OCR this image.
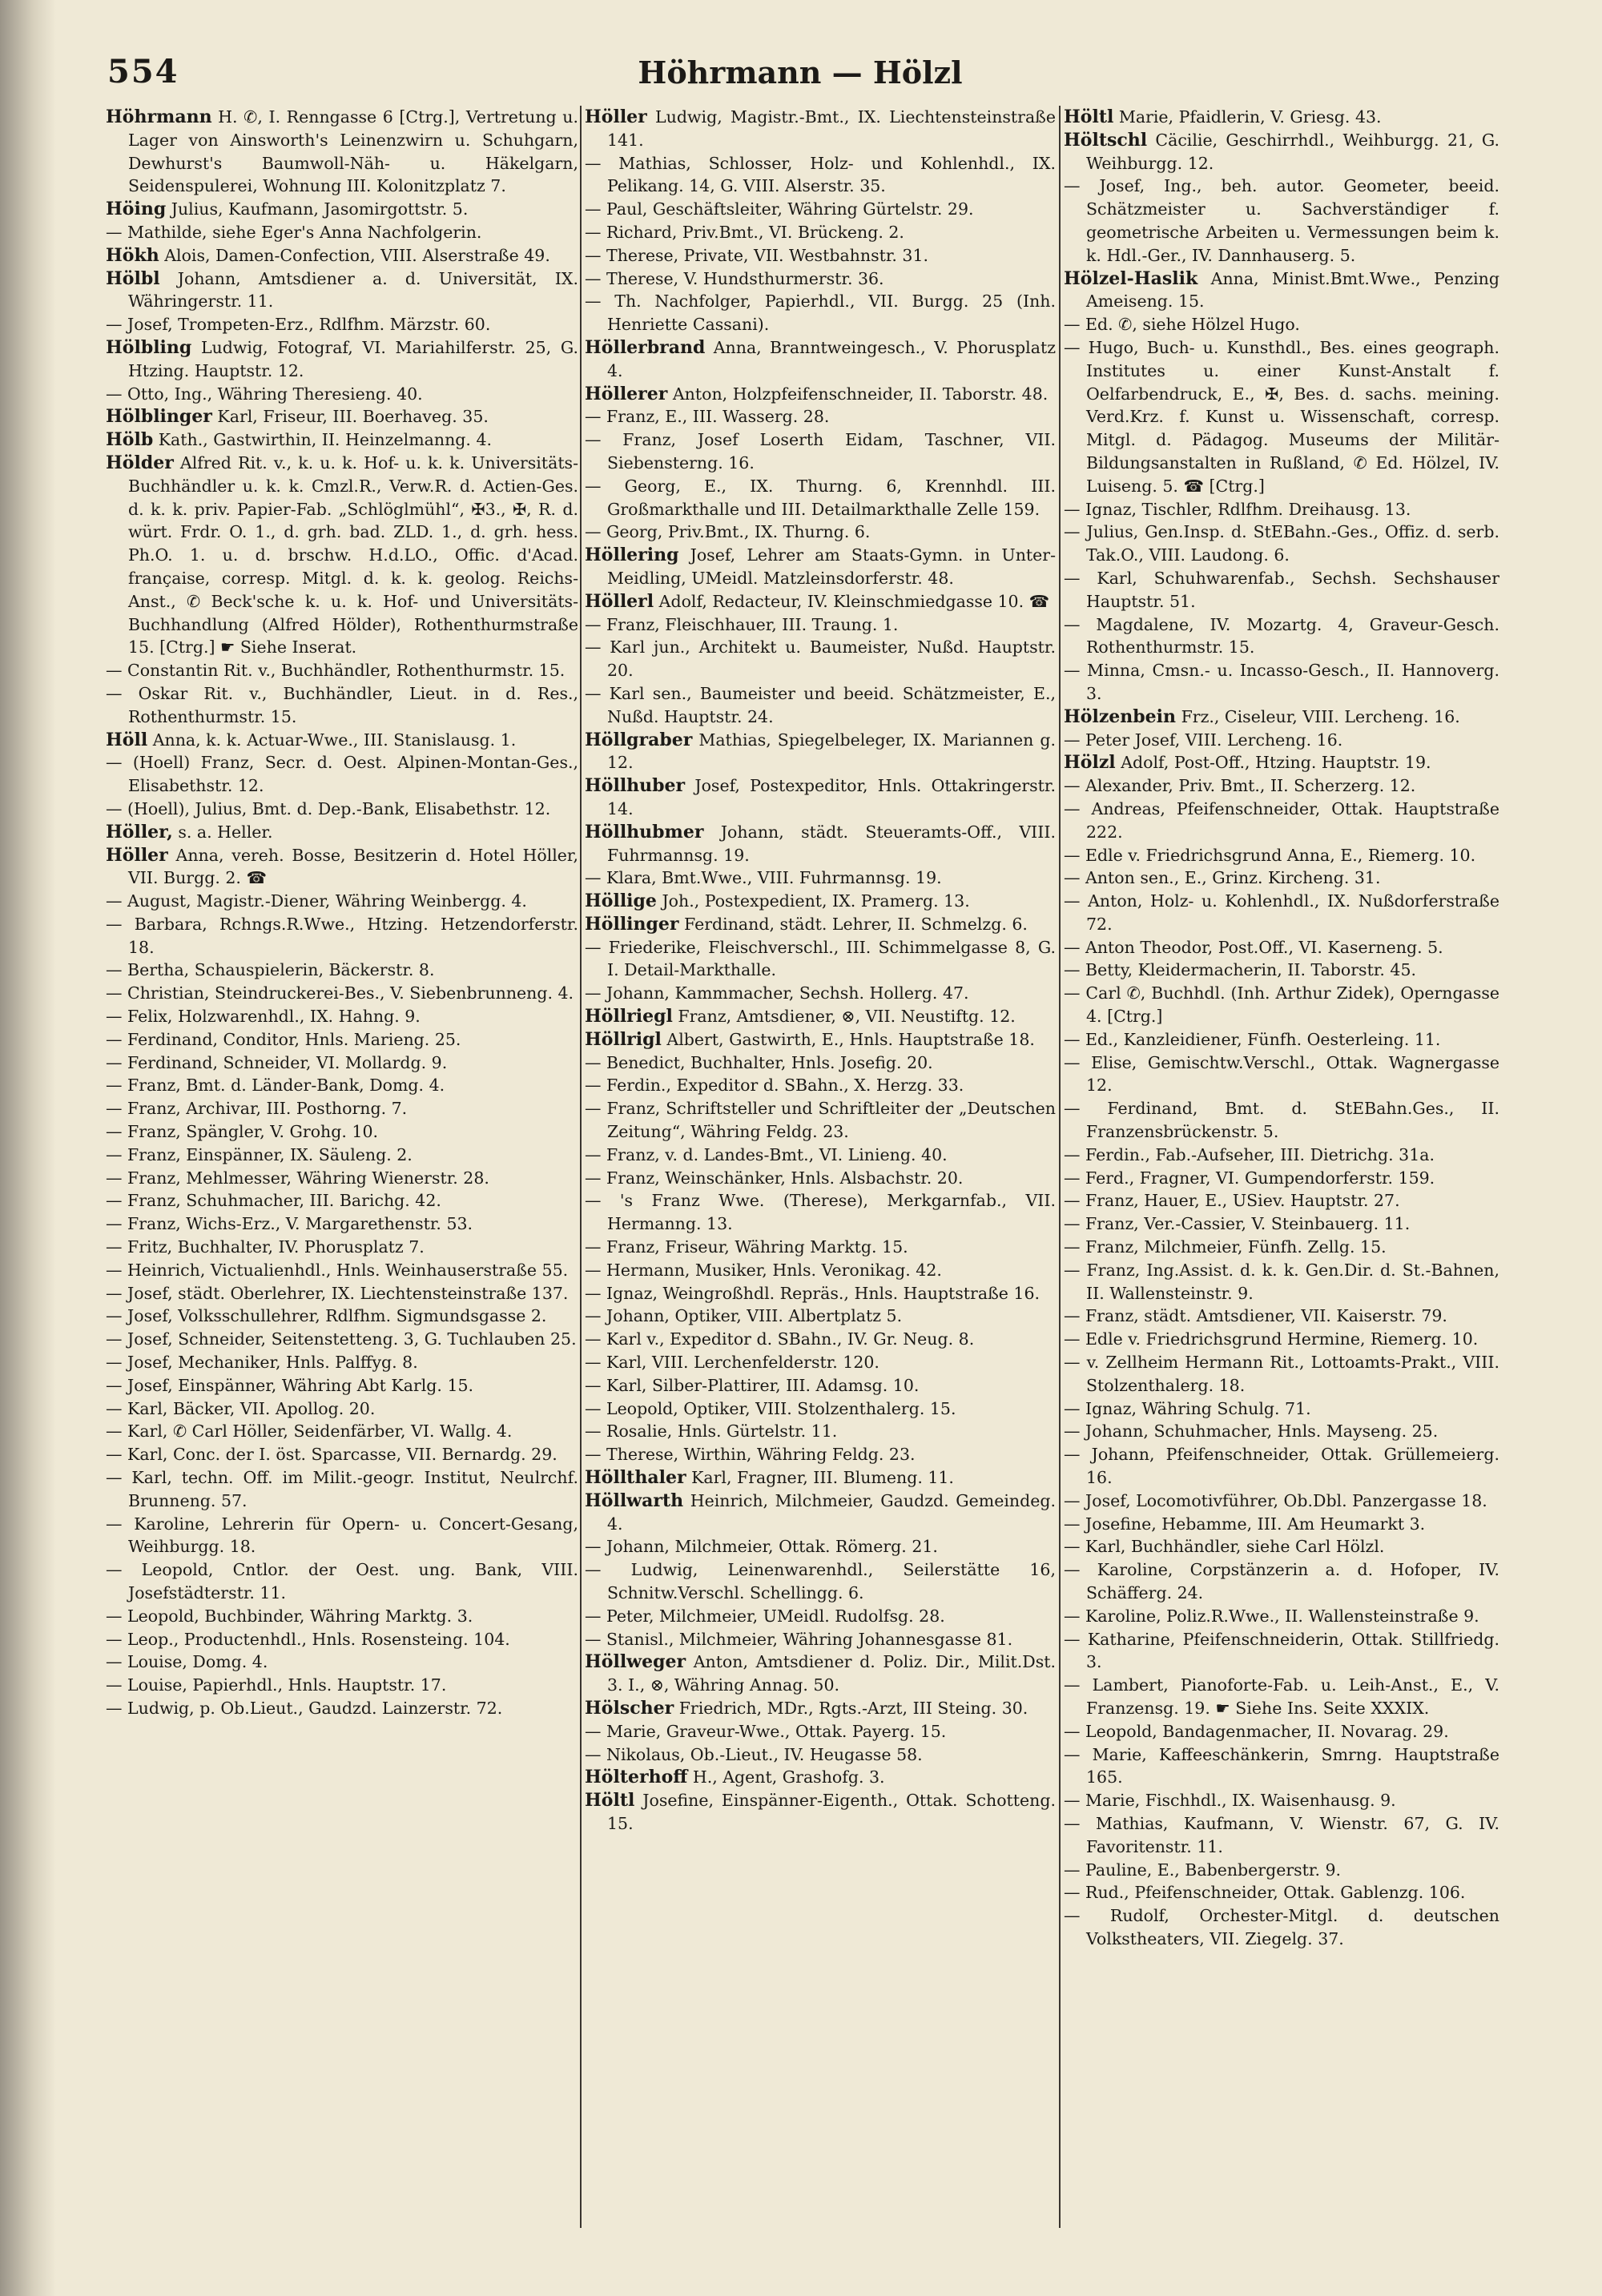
554	Höhrmann — Hölzl

Höhrmann H. ✆, I. Renngasse 6 [Ctrg.], Vertretung u. Lager von Ainsworth's Leinenzwirn u. Schuhgarn, Dewhurst's Baumwoll-Näh- u. Häkelgarn, Seidenspulerei, Wohnung III. Kolonitzplatz 7.

Höing Julius, Kaufmann, Jasomirgottstr. 5.

— Mathilde, siehe Eger's Anna Nachfolgerin.

Hökh Alois, Damen-Confection, VIII. Alserstraße 49.

Hölbl Johann, Amtsdiener a. d. Universität, IX. Währingerstr. 11.

— Josef, Trompeten-Erz., Rdlfhm. Märzstr. 60.

Hölbling Ludwig, Fotograf, VI. Mariahilferstr. 25, G. Htzing. Hauptstr. 12.

— Otto, Ing., Währing Theresieng. 40.

Hölblinger Karl, Friseur, III. Boerhaveg. 35.

Hölb Kath., Gastwirthin, II. Heinzelmanng. 4.

Hölder Alfred Rit. v., k. u. k. Hof- u. k. k. Universitäts-Buchhändler u. k. k. Cmzl.R., Verw.R. d. Actien-Ges. d. k. k. priv. Papier-Fab. „Schlöglmühl“, ✠3., ✠, R. d. würt. Frdr. O. 1., d. grh. bad. ZLD. 1., d. grh. hess. Ph.O. 1. u. d. brschw. H.d.LO., Offic. d'Acad. française, corresp. Mitgl. d. k. k. geolog. Reichs-Anst., ✆ Beck'sche k. u. k. Hof- und Universitäts-Buchhandlung (Alfred Hölder), Rothenthurmstraße 15. [Ctrg.] ☛ Siehe Inserat.

— Constantin Rit. v., Buchhändler, Rothenthurmstr. 15.

— Oskar Rit. v., Buchhändler, Lieut. in d. Res., Rothenthurmstr. 15.

Höll Anna, k. k. Actuar-Wwe., III. Stanislausg. 1.

— (Hoell) Franz, Secr. d. Oest. Alpinen-Montan-Ges., Elisabethstr. 12.

— (Hoell), Julius, Bmt. d. Dep.-Bank, Elisabethstr. 12.

Höller, s. a. Heller.

Höller Anna, vereh. Bosse, Besitzerin d. Hotel Höller, VII. Burgg. 2. ☎

— August, Magistr.-Diener, Währing Weinbergg. 4.

— Barbara, Rchngs.R.Wwe., Htzing. Hetzendorferstr. 18.

— Bertha, Schauspielerin, Bäckerstr. 8.

— Christian, Steindruckerei-Bes., V. Siebenbrunneng. 4.

— Felix, Holzwarenhdl., IX. Hahng. 9.

— Ferdinand, Conditor, Hnls. Marieng. 25.

— Ferdinand, Schneider, VI. Mollardg. 9.

— Franz, Bmt. d. Länder-Bank, Domg. 4.

— Franz, Archivar, III. Posthorng. 7.

— Franz, Spängler, V. Grohg. 10.

— Franz, Einspänner, IX. Säuleng. 2.

— Franz, Mehlmesser, Währing Wienerstr. 28.

— Franz, Schuhmacher, III. Barichg. 42.

— Franz, Wichs-Erz., V. Margarethenstr. 53.

— Fritz, Buchhalter, IV. Phorusplatz 7.

— Heinrich, Victualienhdl., Hnls. Weinhauserstraße 55.

— Josef, städt. Oberlehrer, IX. Liechtensteinstraße 137.

— Josef, Volksschullehrer, Rdlfhm. Sigmundsgasse 2.

— Josef, Schneider, Seitenstetteng. 3, G. Tuchlauben 25.

— Josef, Mechaniker, Hnls. Palffyg. 8.

— Josef, Einspänner, Währing Abt Karlg. 15.

— Karl, Bäcker, VII. Apollog. 20.

— Karl, ✆ Carl Höller, Seidenfärber, VI. Wallg. 4.

— Karl, Conc. der I. öst. Sparcasse, VII. Bernardg. 29.

— Karl, techn. Off. im Milit.-geogr. Institut, Neulrchf. Brunneng. 57.

— Karoline, Lehrerin für Opern- u. Concert-Gesang, Weihburgg. 18.

— Leopold, Cntlor. der Oest. ung. Bank, VIII. Josefstädterstr. 11.

— Leopold, Buchbinder, Währing Marktg. 3.

— Leop., Productenhdl., Hnls. Rosensteing. 104.

— Louise, Domg. 4.

— Louise, Papierhdl., Hnls. Hauptstr. 17.

— Ludwig, p. Ob.Lieut., Gaudzd. Lainzerstr. 72.

Höller Ludwig, Magistr.-Bmt., IX. Liechtensteinstraße 141.

— Mathias, Schlosser, Holz- und Kohlenhdl., IX. Pelikang. 14, G. VIII. Alserstr. 35.

— Paul, Geschäftsleiter, Währing Gürtelstr. 29.

— Richard, Priv.Bmt., VI. Brückeng. 2.

— Therese, Private, VII. Westbahnstr. 31.

— Therese, V. Hundsthurmerstr. 36.

— Th. Nachfolger, Papierhdl., VII. Burgg. 25 (Inh. Henriette Cassani).

Höllerbrand Anna, Branntweingesch., V. Phorusplatz 4.

Höllerer Anton, Holzpfeifenschneider, II. Taborstr. 48.

— Franz, E., III. Wasserg. 28.

— Franz, Josef Loserth Eidam, Taschner, VII. Siebensterng. 16.

— Georg, E., IX. Thurng. 6, Krennhdl. III. Großmarkthalle und III. Detailmarkthalle Zelle 159.

— Georg, Priv.Bmt., IX. Thurng. 6.

Höllering Josef, Lehrer am Staats-Gymn. in Unter-Meidling, UMeidl. Matzleinsdorferstr. 48.

Höllerl Adolf, Redacteur, IV. Kleinschmiedgasse 10. ☎

— Franz, Fleischhauer, III. Traung. 1.

— Karl jun., Architekt u. Baumeister, Nußd. Hauptstr. 20.

— Karl sen., Baumeister und beeid. Schätzmeister, E., Nußd. Hauptstr. 24.

Höllgraber Mathias, Spiegelbeleger, IX. Mariannen g. 12.

Höllhuber Josef, Postexpeditor, Hnls. Ottakringerstr. 14.

Höllhubmer Johann, städt. Steueramts-Off., VIII. Fuhrmannsg. 19.

— Klara, Bmt.Wwe., VIII. Fuhrmannsg. 19.

Höllige Joh., Postexpedient, IX. Pramerg. 13.

Höllinger Ferdinand, städt. Lehrer, II. Schmelzg. 6.

— Friederike, Fleischverschl., III. Schimmelgasse 8, G. I. Detail-Markthalle.

— Johann, Kammmacher, Sechsh. Hollerg. 47.

Höllriegl Franz, Amtsdiener, ⊗, VII. Neustiftg. 12.

Höllrigl Albert, Gastwirth, E., Hnls. Hauptstraße 18.

— Benedict, Buchhalter, Hnls. Josefig. 20.

— Ferdin., Expeditor d. SBahn., X. Herzg. 33.

— Franz, Schriftsteller und Schriftleiter der „Deutschen Zeitung“, Währing Feldg. 23.

— Franz, v. d. Landes-Bmt., VI. Linieng. 40.

— Franz, Weinschänker, Hnls. Alsbachstr. 20.

— 's Franz Wwe. (Therese), Merkgarnfab., VII. Hermanng. 13.

— Franz, Friseur, Währing Marktg. 15.

— Hermann, Musiker, Hnls. Veronikag. 42.

— Ignaz, Weingroßhdl. Repräs., Hnls. Hauptstraße 16.

— Johann, Optiker, VIII. Albertplatz 5.

— Karl v., Expeditor d. SBahn., IV. Gr. Neug. 8.

— Karl, VIII. Lerchenfelderstr. 120.

— Karl, Silber-Plattirer, III. Adamsg. 10.

— Leopold, Optiker, VIII. Stolzenthalerg. 15.

— Rosalie, Hnls. Gürtelstr. 11.

— Therese, Wirthin, Währing Feldg. 23.

Höllthaler Karl, Fragner, III. Blumeng. 11.

Höllwarth Heinrich, Milchmeier, Gaudzd. Gemeindeg. 4.

— Johann, Milchmeier, Ottak. Römerg. 21.

— Ludwig, Leinenwarenhdl., Seilerstätte 16, Schnitw.Verschl. Schellingg. 6.

— Peter, Milchmeier, UMeidl. Rudolfsg. 28.

— Stanisl., Milchmeier, Währing Johannesgasse 81.

Höllweger Anton, Amtsdiener d. Poliz. Dir., Milit.Dst. 3. I., ⊗, Währing Annag. 50.

Hölscher Friedrich, MDr., Rgts.-Arzt, III Steing. 30.

— Marie, Graveur-Wwe., Ottak. Payerg. 15.

— Nikolaus, Ob.-Lieut., IV. Heugasse 58.

Hölterhoff H., Agent, Grashofg. 3.

Höltl Josefine, Einspänner-Eigenth., Ottak. Schotteng. 15.

Höltl Marie, Pfaidlerin, V. Griesg. 43.

Höltschl Cäcilie, Geschirrhdl., Weihburgg. 21, G. Weihburgg. 12.

— Josef, Ing., beh. autor. Geometer, beeid. Schätzmeister u. Sachverständiger f. geometrische Arbeiten u. Vermessungen beim k. k. Hdl.-Ger., IV. Dannhauserg. 5.

Hölzel-Haslik Anna, Minist.Bmt.Wwe., Penzing Ameiseng. 15.

— Ed. ✆, siehe Hölzel Hugo.

— Hugo, Buch- u. Kunsthdl., Bes. eines geograph. Institutes u. einer Kunst-Anstalt f. Oelfarbendruck, E., ✠, Bes. d. sachs. meining. Verd.Krz. f. Kunst u. Wissenschaft, corresp. Mitgl. d. Pädagog. Museums der Militär-Bildungsanstalten in Rußland, ✆ Ed. Hölzel, IV. Luiseng. 5. ☎ [Ctrg.]

— Ignaz, Tischler, Rdlfhm. Dreihausg. 13.

— Julius, Gen.Insp. d. StEBahn.-Ges., Offiz. d. serb. Tak.O., VIII. Laudong. 6.

— Karl, Schuhwarenfab., Sechsh. Sechshauser Hauptstr. 51.

— Magdalene, IV. Mozartg. 4, Graveur-Gesch. Rothenthurmstr. 15.

— Minna, Cmsn.- u. Incasso-Gesch., II. Hannoverg. 3.

Hölzenbein Frz., Ciseleur, VIII. Lercheng. 16.

— Peter Josef, VIII. Lercheng. 16.

Hölzl Adolf, Post-Off., Htzing. Hauptstr. 19.

— Alexander, Priv. Bmt., II. Scherzerg. 12.

— Andreas, Pfeifenschneider, Ottak. Hauptstraße 222.

— Edle v. Friedrichsgrund Anna, E., Riemerg. 10.

— Anton sen., E., Grinz. Kircheng. 31.

— Anton, Holz- u. Kohlenhdl., IX. Nußdorferstraße 72.

— Anton Theodor, Post.Off., VI. Kaserneng. 5.

— Betty, Kleidermacherin, II. Taborstr. 45.

— Carl ✆, Buchhdl. (Inh. Arthur Zidek), Operngasse 4. [Ctrg.]

— Ed., Kanzleidiener, Fünfh. Oesterleing. 11.

— Elise, Gemischtw.Verschl., Ottak. Wagnergasse 12.

— Ferdinand, Bmt. d. StEBahn.Ges., II. Franzensbrückenstr. 5.

— Ferdin., Fab.-Aufseher, III. Dietrichg. 31a.

— Ferd., Fragner, VI. Gumpendorferstr. 159.

— Franz, Hauer, E., USiev. Hauptstr. 27.

— Franz, Ver.-Cassier, V. Steinbauerg. 11.

— Franz, Milchmeier, Fünfh. Zellg. 15.

— Franz, Ing.Assist. d. k. k. Gen.Dir. d. St.-Bahnen, II. Wallensteinstr. 9.

— Franz, städt. Amtsdiener, VII. Kaiserstr. 79.

— Edle v. Friedrichsgrund Hermine, Riemerg. 10.

— v. Zellheim Hermann Rit., Lottoamts-Prakt., VIII. Stolzenthalerg. 18.

— Ignaz, Währing Schulg. 71.

— Johann, Schuhmacher, Hnls. Mayseng. 25.

— Johann, Pfeifenschneider, Ottak. Grüllemeierg. 16.

— Josef, Locomotivführer, Ob.Dbl. Panzergasse 18.

— Josefine, Hebamme, III. Am Heumarkt 3.

— Karl, Buchhändler, siehe Carl Hölzl.

— Karoline, Corpstänzerin a. d. Hofoper, IV. Schäfferg. 24.

— Karoline, Poliz.R.Wwe., II. Wallensteinstraße 9.

— Katharine, Pfeifenschneiderin, Ottak. Stillfriedg. 3.

— Lambert, Pianoforte-Fab. u. Leih-Anst., E., V. Franzensg. 19. ☛ Siehe Ins. Seite XXXIX.

— Leopold, Bandagenmacher, II. Novarag. 29.

— Marie, Kaffeeschänkerin, Smrng. Hauptstraße 165.

— Marie, Fischhdl., IX. Waisenhausg. 9.

— Mathias, Kaufmann, V. Wienstr. 67, G. IV. Favoritenstr. 11.

— Pauline, E., Babenbergerstr. 9.

— Rud., Pfeifenschneider, Ottak. Gablenzg. 106.

— Rudolf, Orchester-Mitgl. d. deutschen Volkstheaters, VII. Ziegelg. 37.
